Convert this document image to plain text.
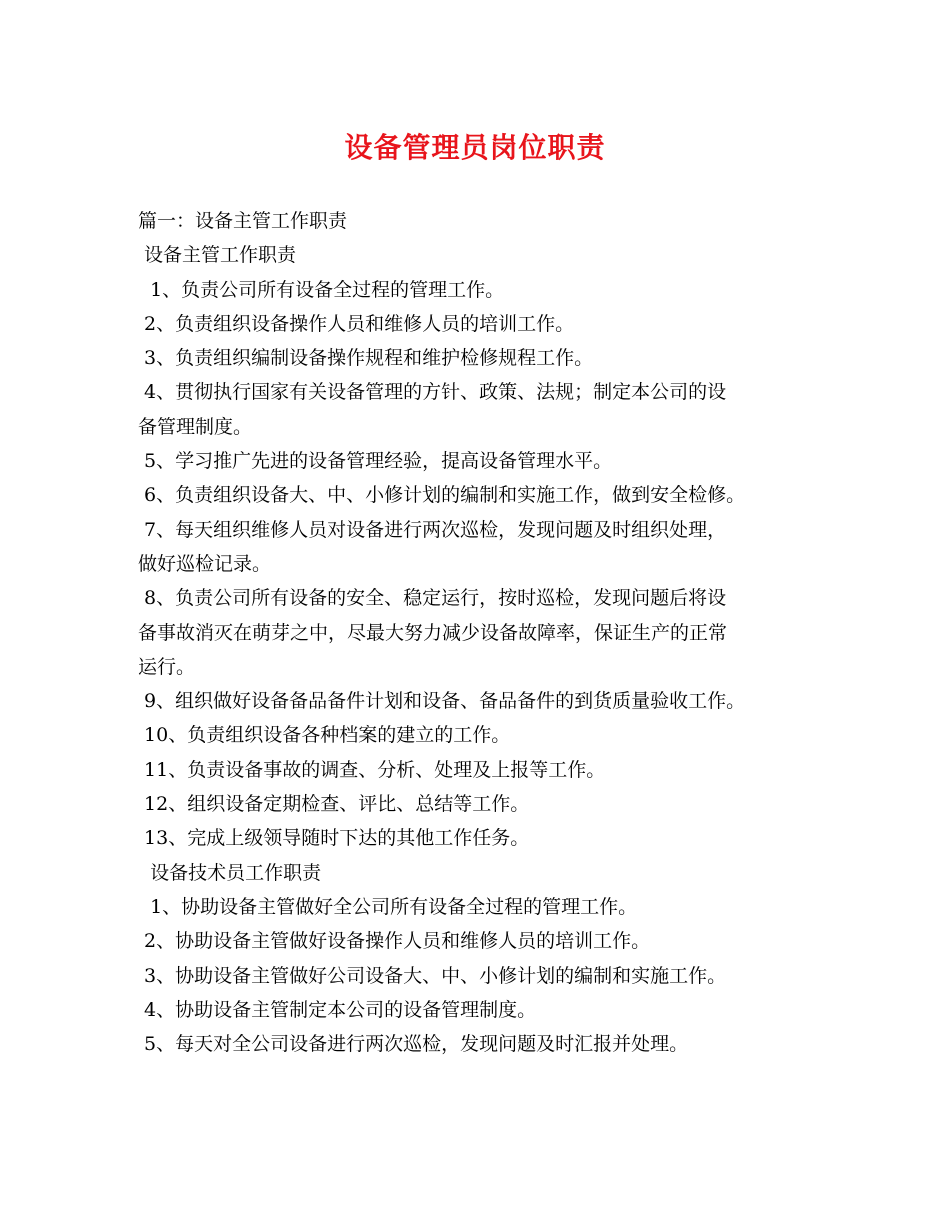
设备管理员岗位职责

篇一：设备主管工作职责

设备主管工作职责

1、负责公司所有设备全过程的管理工作。

2、负责组织设备操作人员和维修人员的培训工作。

3、负责组织编制设备操作规程和维护检修规程工作。

4、贯彻执行国家有关设备管理的方针、政策、法规；制定本公司的设

备管理制度。

5、学习推广先进的设备管理经验，提高设备管理水平。

6、负责组织设备大、中、小修计划的编制和实施工作，做到安全检修。

7、每天组织维修人员对设备进行两次巡检，发现问题及时组织处理，

做好巡检记录。

8、负责公司所有设备的安全、稳定运行，按时巡检，发现问题后将设

备事故消灭在萌芽之中，尽最大努力减少设备故障率，保证生产的正常

运行。

9、组织做好设备备品备件计划和设备、备品备件的到货质量验收工作。

10、负责组织设备各种档案的建立的工作。

11、负责设备事故的调查、分析、处理及上报等工作。

12、组织设备定期检查、评比、总结等工作。

13、完成上级领导随时下达的其他工作任务。

设备技术员工作职责

1、协助设备主管做好全公司所有设备全过程的管理工作。

2、协助设备主管做好设备操作人员和维修人员的培训工作。

3、协助设备主管做好公司设备大、中、小修计划的编制和实施工作。

4、协助设备主管制定本公司的设备管理制度。

5、每天对全公司设备进行两次巡检，发现问题及时汇报并处理。
